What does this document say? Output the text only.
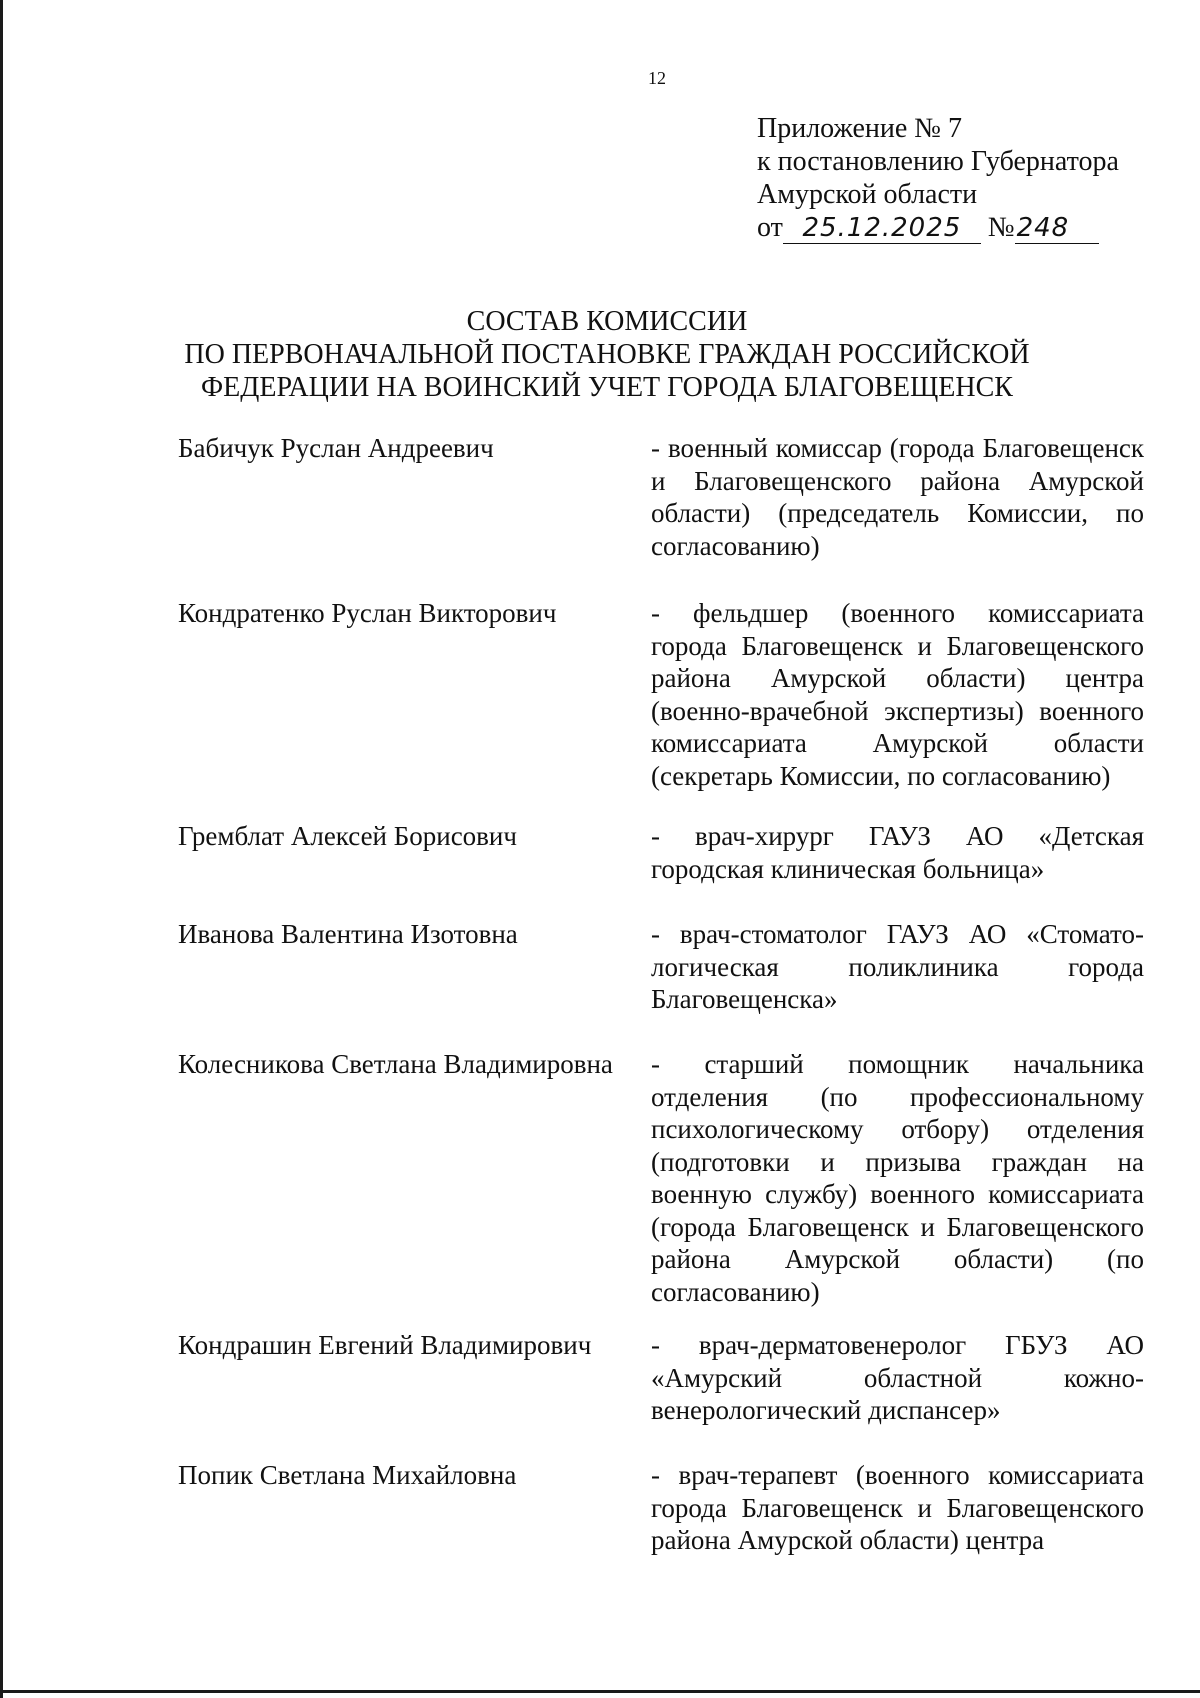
12
Приложение № 7
к постановлению Губернатора
Амурской области
от 25.12.2025 №248
СОСТАВ КОМИССИИ
ПО ПЕРВОНАЧАЛЬНОЙ ПОСТАНОВКЕ ГРАЖДАН РОССИЙСКОЙ
ФЕДЕРАЦИИ НА ВОИНСКИЙ УЧЕТ ГОРОДА БЛАГОВЕЩЕНСК
Бабичук Руслан Андреевич	- военный комиссар (города Благовещенск и Благовещенского района Амурской области) (председатель Комиссии, по согласованию)
Кондратенко Руслан Викторович	- фельдшер (военного комиссариата города Благовещенск и Благовещенского района Амурской области) центра (военно-врачебной экспертизы) военного комиссариата Амурской области (секретарь Комиссии, по согласованию)
Гремблат Алексей Борисович	- врач-хирург ГАУЗ АО «Детская городская клиническая больница»
Иванова Валентина Изотовна	- врач-стоматолог ГАУЗ АО «Стоматологическая поликлиника города Благовещенска»
Колесникова Светлана Владимировна - старший помощник начальника отделения (по профессиональному психологическому отбору) отделения (подготовки и призыва граждан на военную службу) военного комиссариата (города Благовещенск и Благовещенского района Амурской области) (по согласованию)
Кондрашин Евгений Владимирович	- врач-дерматовенеролог ГБУЗ АО «Амурский областной кожновенерологический диспансер»
Попик Светлана Михайловна	- врач-терапевт (военного комиссариата города Благовещенск и Благовещенского района Амурской области) центра
